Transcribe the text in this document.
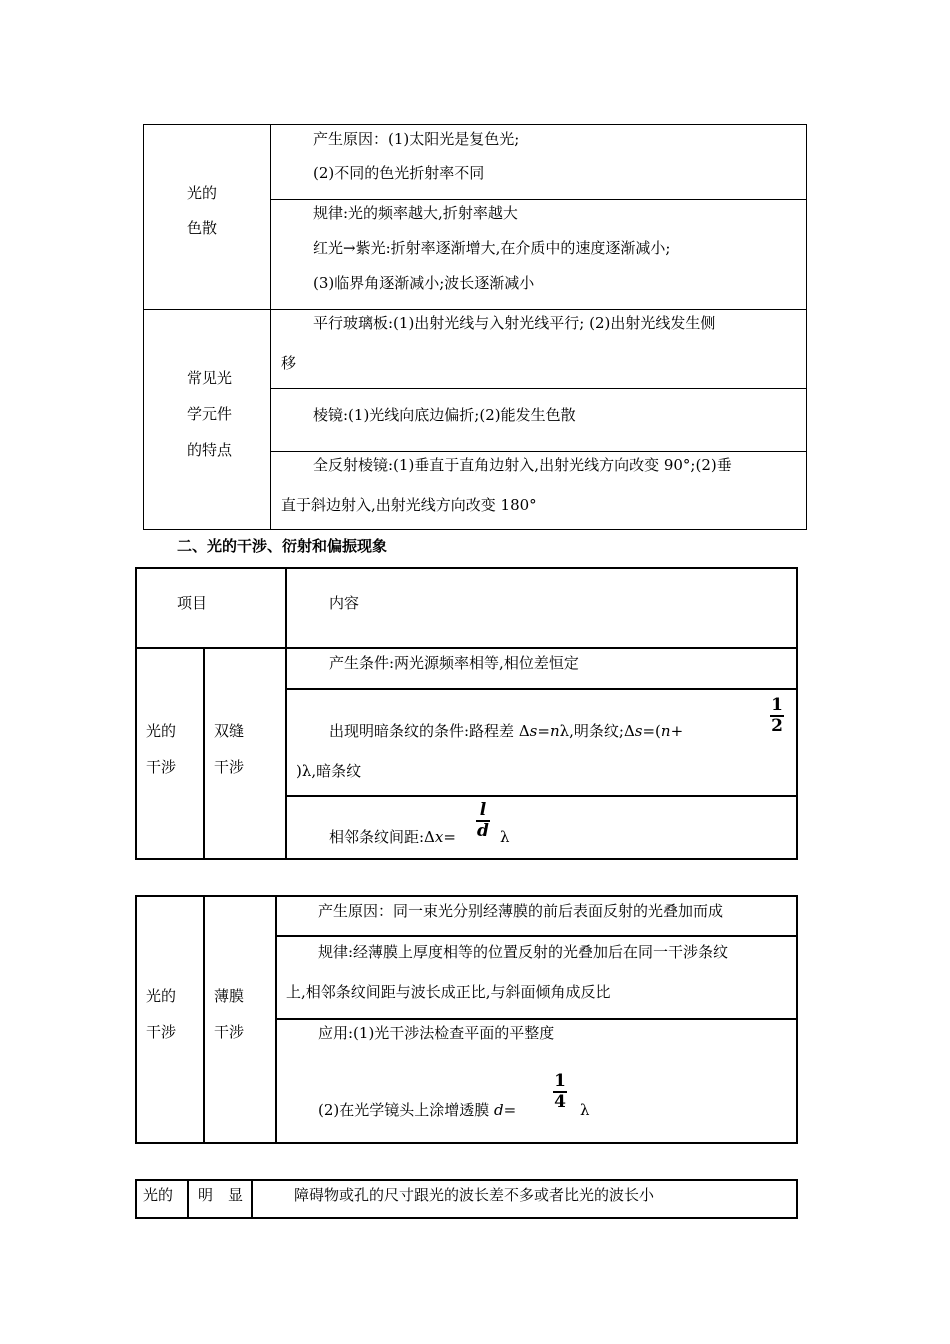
光的
色散
产生原因：(1)太阳光是复色光;
(2)不同的色光折射率不同
规律:光的频率越大,折射率越大
红光→紫光:折射率逐渐增大,在介质中的速度逐渐减小;
(3)临界角逐渐减小;波长逐渐减小
常见光
学元件
的特点
平行玻璃板:(1)出射光线与入射光线平行; (2)出射光线发生侧
移
棱镜:(1)光线向底边偏折;(2)能发生色散
全反射棱镜:(1)垂直于直角边射入,出射光线方向改变 90°;(2)垂
直于斜边射入,出射光线方向改变 180°
二、光的干涉、衍射和偏振现象
项目	内容
光的
干涉
双缝
干涉
产生条件:两光源频率相等,相位差恒定
出现明暗条纹的条件:路程差 Δs=nλ,明条纹;Δs=(n+
1
2
)λ,暗条纹
相邻条纹间距:Δx=
l
d λ
光的
干涉
薄膜
干涉
产生原因：同一束光分别经薄膜的前后表面反射的光叠加而成
规律:经薄膜上厚度相等的位置反射的光叠加后在同一干涉条纹
上,相邻条纹间距与波长成正比,与斜面倾角成反比
应用:(1)光干涉法检查平面的平整度
(2)在光学镜头上涂增透膜 d=
1
4 λ
光的 明　显	障碍物或孔的尺寸跟光的波长差不多或者比光的波长小
